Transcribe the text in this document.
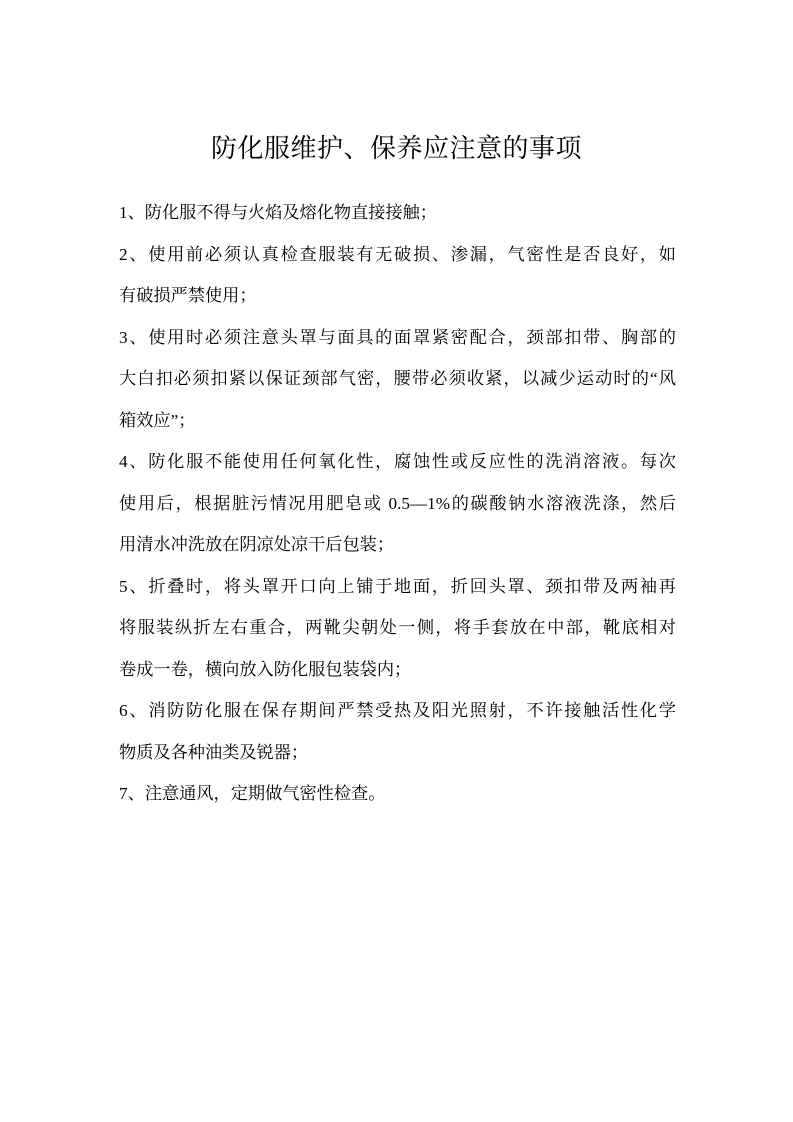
防化服维护、保养应注意的事项
1、防化服不得与火焰及熔化物直接接触；
2、使用前必须认真检查服装有无破损、渗漏，气密性是否良好，如
有破损严禁使用；
3、使用时必须注意头罩与面具的面罩紧密配合，颈部扣带、胸部的
大白扣必须扣紧以保证颈部气密，腰带必须收紧，以减少运动时的“风
箱效应”；
4、防化服不能使用任何氧化性，腐蚀性或反应性的洗消溶液。每次
使用后，根据脏污情况用肥皂或 0.5—1%的碳酸钠水溶液洗涤，然后
用清水冲洗放在阴凉处凉干后包装；
5、折叠时，将头罩开口向上铺于地面，折回头罩、颈扣带及两袖再
将服装纵折左右重合，两靴尖朝处一侧，将手套放在中部，靴底相对
卷成一卷，横向放入防化服包装袋内；
6、消防防化服在保存期间严禁受热及阳光照射，不许接触活性化学
物质及各种油类及锐器；
7、注意通风，定期做气密性检查。
